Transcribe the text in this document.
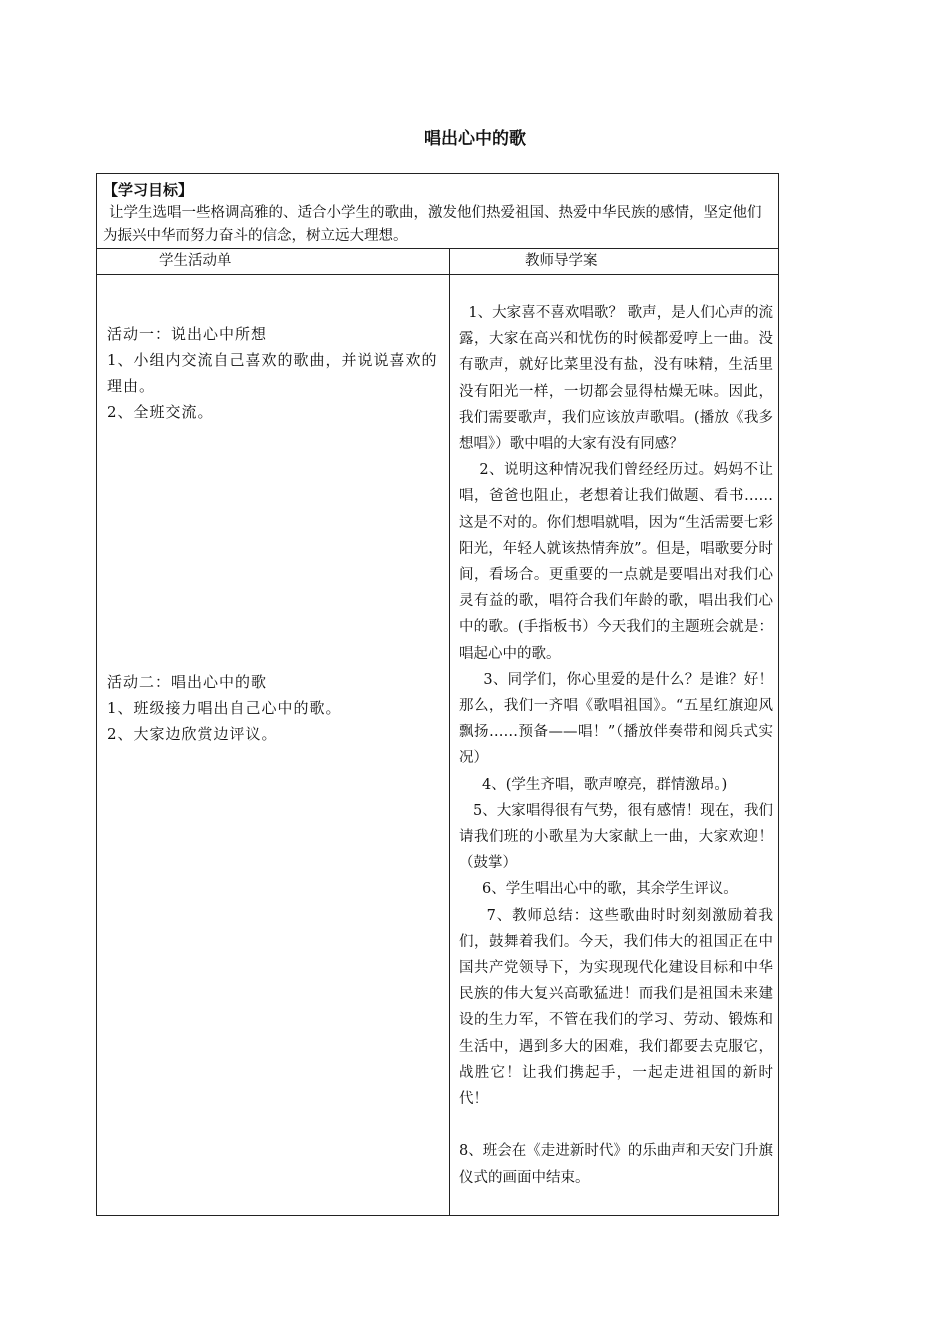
唱出心中的歌
【学习目标】
让学生选唱一些格调高雅的、适合小学生的歌曲，激发他们热爱祖国、热爱中华民族的感情，坚定他们为振兴中华而努力奋斗的信念，树立远大理想。
学生活动单	教师导学案

活动一：说出心中所想

1、小组内交流自己喜欢的歌曲，并说说喜欢的理由。

2、全班交流。

活动二：唱出心中的歌

1、班级接力唱出自己心中的歌。

2、大家边欣赏边评议。

1、大家喜不喜欢唱歌？ 歌声，是人们心声的流露，大家在高兴和忧伤的时候都爱哼上一曲。没有歌声，就好比菜里没有盐，没有味精，生活里没有阳光一样，一切都会显得枯燥无味。因此，我们需要歌声，我们应该放声歌唱。(播放《我多想唱》）歌中唱的大家有没有同感？

2、说明这种情况我们曾经经历过。妈妈不让唱，爸爸也阻止，老想着让我们做题、看书……这是不对的。你们想唱就唱，因为“生活需要七彩阳光，年轻人就该热情奔放”。但是，唱歌要分时间，看场合。更重要的一点就是要唱出对我们心灵有益的歌，唱符合我们年龄的歌，唱出我们心中的歌。(手指板书）今天我们的主题班会就是：唱起心中的歌。

3、同学们，你心里爱的是什么？是谁？好！那么，我们一齐唱《歌唱祖国》。“五星红旗迎风飘扬……预备——唱！”（播放伴奏带和阅兵式实况）

4、(学生齐唱，歌声嘹亮，群情激昂。)

5、大家唱得很有气势，很有感情！现在，我们请我们班的小歌星为大家献上一曲，大家欢迎！（鼓掌）

6、学生唱出心中的歌，其余学生评议。

7、教师总结：这些歌曲时时刻刻激励着我们，鼓舞着我们。今天，我们伟大的祖国正在中国共产党领导下，为实现现代化建设目标和中华民族的伟大复兴高歌猛进！而我们是祖国未来建设的生力军，不管在我们的学习、劳动、锻炼和生活中，遇到多大的困难，我们都要去克服它，战胜它！让我们携起手，一起走进祖国的新时代！

8、班会在《走进新时代》的乐曲声和天安门升旗仪式的画面中结束。
